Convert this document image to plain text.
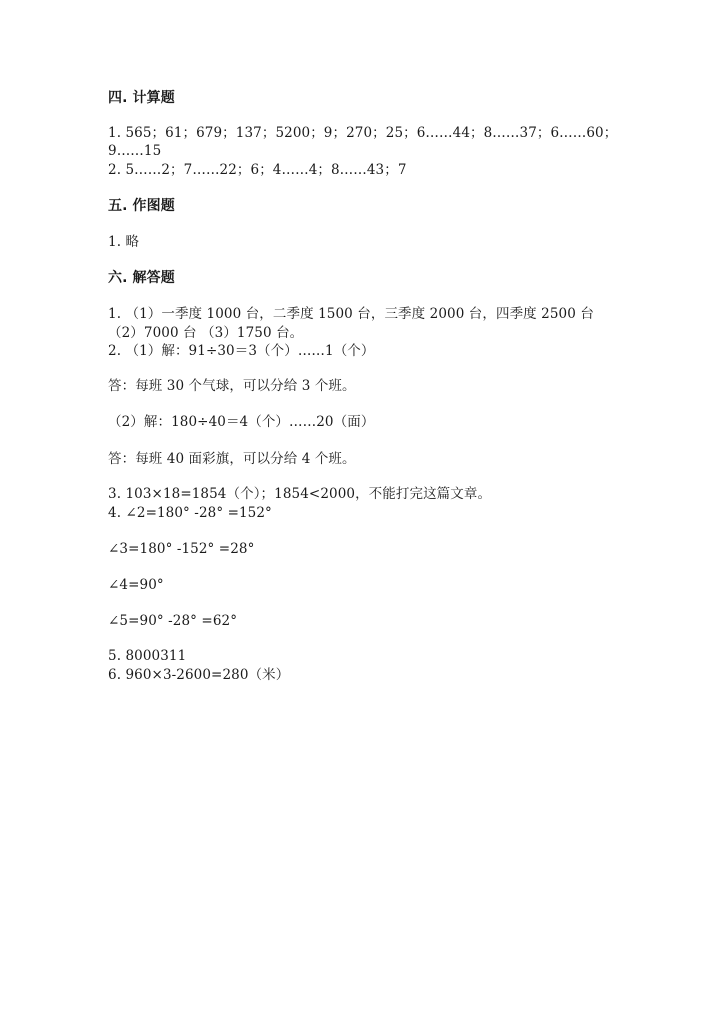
四. 计算题
1. 565；61；679；137；5200；9；270；25；6……44；8……37；6……60；
9……15
2. 5……2；7……22；6；4……4；8……43；7
五. 作图题
1. 略
六. 解答题
1. （1）一季度 1000 台，二季度 1500 台，三季度 2000 台，四季度 2500 台
（2）7000 台 （3）1750 台。
2. （1）解：91÷30＝3（个）……1（个）
答：每班 30 个气球，可以分给 3 个班。
（2）解：180÷40＝4（个）……20（面）
答：每班 40 面彩旗，可以分给 4 个班。
3. 103×18=1854（个）；1854<2000，不能打完这篇文章。
4. ∠2=180° -28° =152°
∠3=180° -152° =28°
∠4=90°
∠5=90° -28° =62°
5. 8000311
6. 960×3-2600=280（米）
